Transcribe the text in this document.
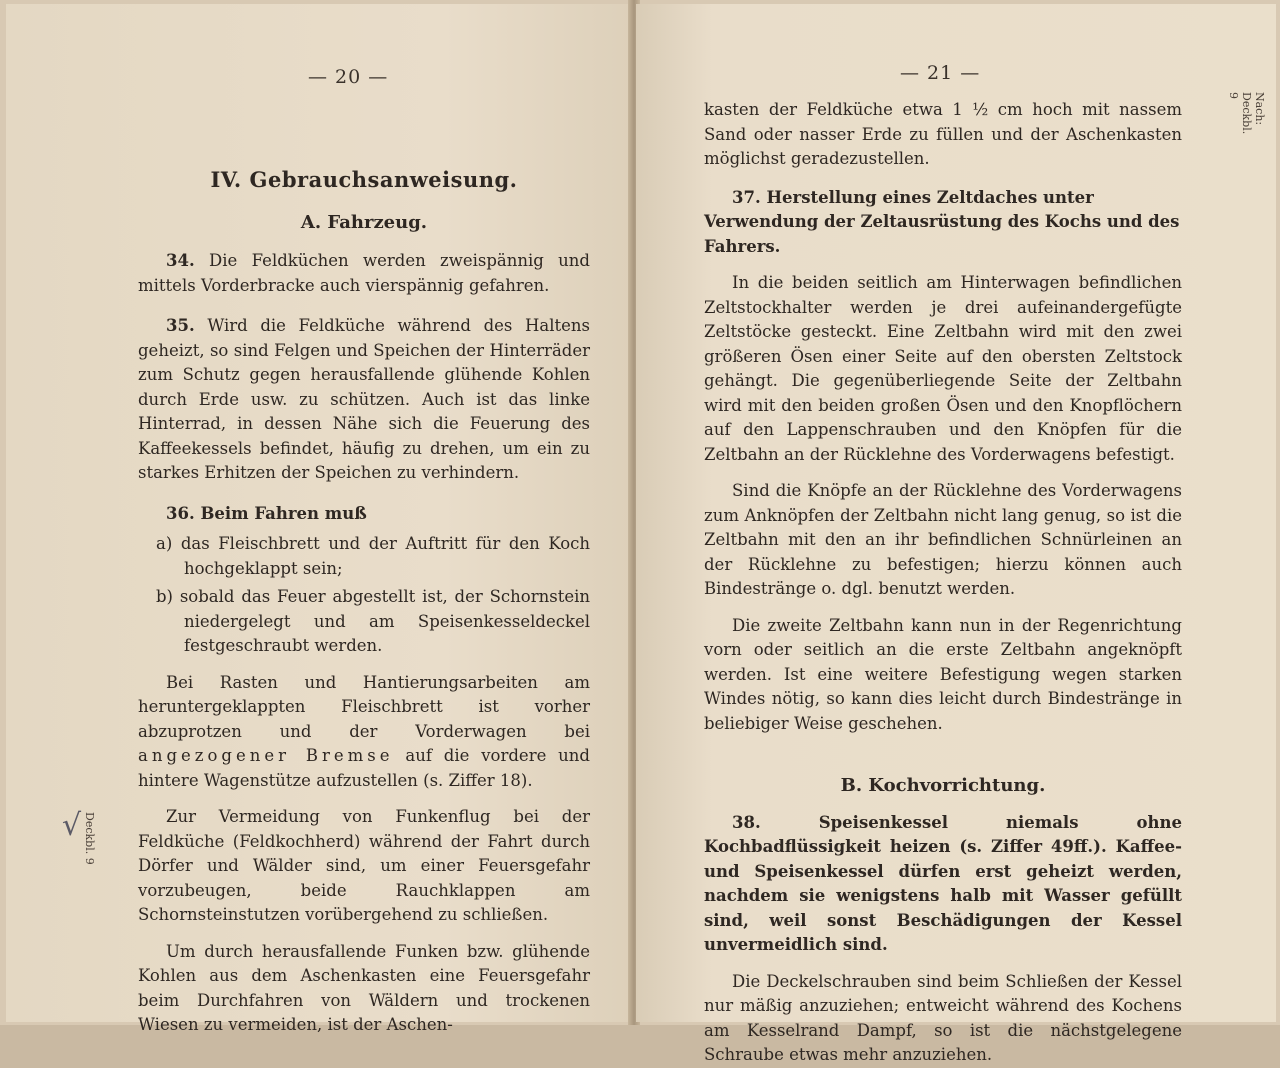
— 20 —

IV. Gebrauchsanweisung.

A. Fahrzeug.

34. Die Feldküchen werden zweispännig und mittels Vorderbracke auch vierspännig gefahren.

35. Wird die Feldküche während des Haltens geheizt, so sind Felgen und Speichen der Hinterräder zum Schutz gegen herausfallende glühende Kohlen durch Erde usw. zu schützen. Auch ist das linke Hinterrad, in dessen Nähe sich die Feuerung des Kaffeekessels befindet, häufig zu drehen, um ein zu starkes Erhitzen der Speichen zu verhindern.

36. Beim Fahren muß

a) das Fleischbrett und der Auftritt für den Koch hochgeklappt sein;

b) sobald das Feuer abgestellt ist, der Schornstein niedergelegt und am Speisenkesseldeckel festgeschraubt werden.

Bei Rasten und Hantierungsarbeiten am heruntergeklappten Fleischbrett ist vorher abzuprotzen und der Vorderwagen bei angezogener Bremse auf die vordere und hintere Wagenstütze aufzustellen (s. Ziffer 18).

Zur Vermeidung von Funkenflug bei der Feldküche (Feldkochherd) während der Fahrt durch Dörfer und Wälder sind, um einer Feuersgefahr vorzubeugen, beide Rauchklappen am Schornsteinstutzen vorübergehend zu schließen.

Um durch herausfallende Funken bzw. glühende Kohlen aus dem Aschenkasten eine Feuersgefahr beim Durchfahren von Wäldern und trockenen Wiesen zu vermeiden, ist der Aschen-

Deckbl. 9
√
— 21 —

kasten der Feldküche etwa 1 ½ cm hoch mit nassem Sand oder nasser Erde zu füllen und der Aschenkasten möglichst geradezustellen.

37. Herstellung eines Zeltdaches unter Verwendung der Zeltausrüstung des Kochs und des Fahrers.

In die beiden seitlich am Hinterwagen befindlichen Zeltstockhalter werden je drei aufeinandergefügte Zeltstöcke gesteckt. Eine Zeltbahn wird mit den zwei größeren Ösen einer Seite auf den obersten Zeltstock gehängt. Die gegenüberliegende Seite der Zeltbahn wird mit den beiden großen Ösen und den Knopflöchern auf den Lappenschrauben und den Knöpfen für die Zeltbahn an der Rücklehne des Vorderwagens befestigt.

Sind die Knöpfe an der Rücklehne des Vorderwagens zum Anknöpfen der Zeltbahn nicht lang genug, so ist die Zeltbahn mit den an ihr befindlichen Schnürleinen an der Rücklehne zu befestigen; hierzu können auch Bindestränge o. dgl. benutzt werden.

Die zweite Zeltbahn kann nun in der Regenrichtung vorn oder seitlich an die erste Zeltbahn angeknöpft werden. Ist eine weitere Befestigung wegen starken Windes nötig, so kann dies leicht durch Bindestränge in beliebiger Weise geschehen.

B. Kochvorrichtung.

38. Speisenkessel niemals ohne Kochbadflüssigkeit heizen (s. Ziffer 49ff.). Kaffee- und Speisenkessel dürfen erst geheizt werden, nachdem sie wenigstens halb mit Wasser gefüllt sind, weil sonst Beschädigungen der Kessel unvermeidlich sind.

Die Deckelschrauben sind beim Schließen der Kessel nur mäßig anzuziehen; entweicht während des Kochens am Kesselrand Dampf, so ist die nächstgelegene Schraube etwas mehr anzuziehen.

Nach: Deckbl. 9
